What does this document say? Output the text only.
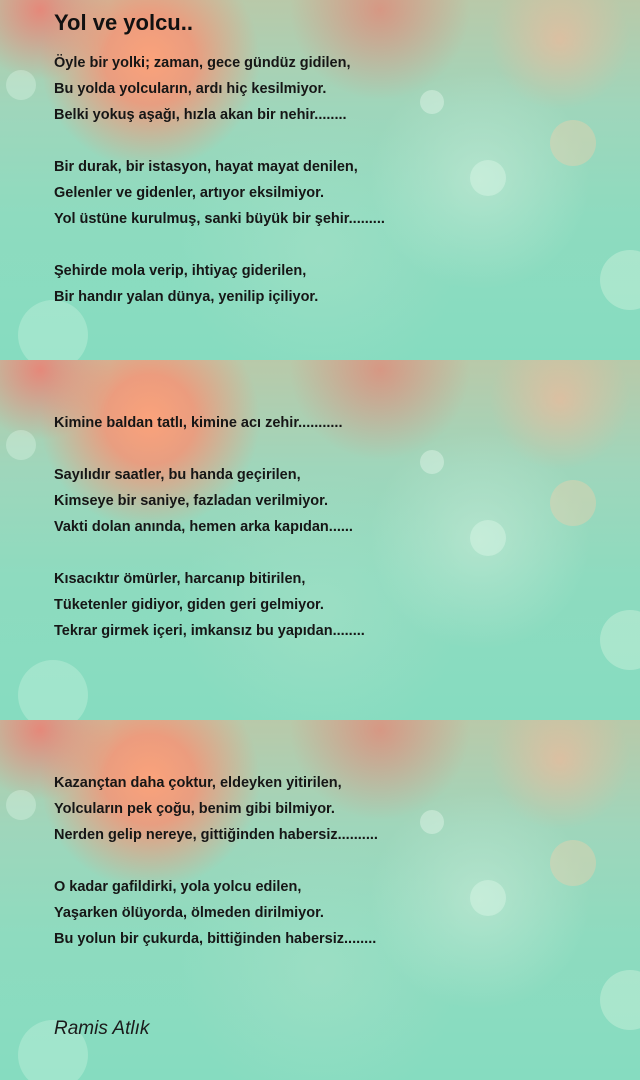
Yol ve yolcu..
Öyle bir yolki; zaman, gece gündüz gidilen,
Bu yolda yolcuların, ardı hiç kesilmiyor.
Belki yokuş aşağı, hızla akan bir nehir........
Bir durak, bir istasyon, hayat mayat denilen,
Gelenler ve gidenler, artıyor eksilmiyor.
Yol üstüne kurulmuş, sanki büyük bir şehir.........
Şehirde mola verip, ihtiyaç giderilen,
Bir handır yalan dünya, yenilip içiliyor.
Kimine baldan tatlı, kimine acı zehir...........
Sayılıdır saatler, bu handa geçirilen,
Kimseye bir saniye, fazladan verilmiyor.
Vakti dolan anında, hemen arka kapıdan......
Kısacıktır ömürler, harcanıp bitirilen,
Tüketenler gidiyor, giden geri gelmiyor.
Tekrar girmek içeri, imkansız bu yapıdan........
Kazançtan daha çoktur, eldeyken yitirilen,
Yolcuların pek çoğu, benim gibi bilmiyor.
Nerden gelip nereye, gittiğinden habersiz..........
O kadar gafildirki, yola yolcu edilen,
Yaşarken ölüyorda, ölmeden dirilmiyor.
Bu yolun bir çukurda, bittiğinden habersiz........
Ramis Atlık
